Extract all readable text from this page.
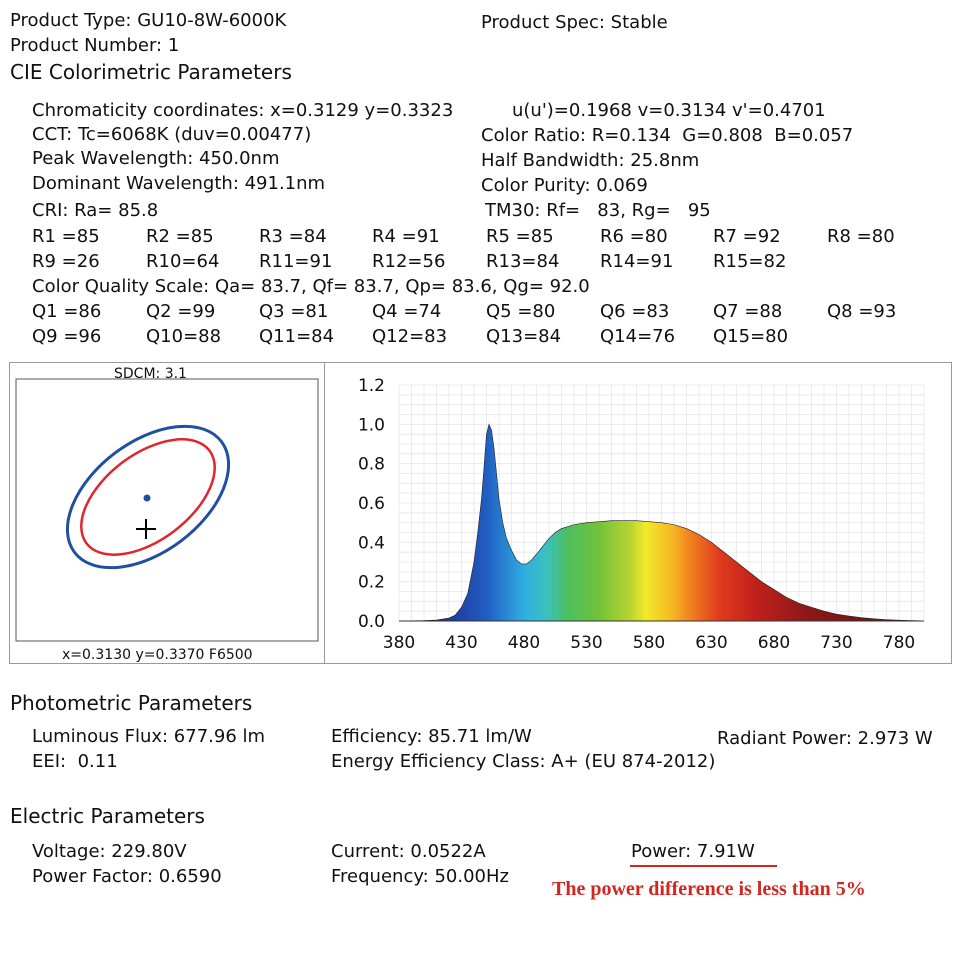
Product Type: GU10-8W-6000K	Product Spec: Stable
Product Number: 1
CIE Colorimetric Parameters
Chromaticity coordinates: x=0.3129 y=0.3323	u(u')=0.1968 v=0.3134 v'=0.4701
CCT: Tc=6068K (duv=0.00477)	Color Ratio: R=0.134  G=0.808  B=0.057
Peak Wavelength: 450.0nm	Half Bandwidth: 25.8nm
Dominant Wavelength: 491.1nm	Color Purity: 0.069
CRI: Ra= 85.8	TM30: Rf=   83, Rg=   95
R1 =85	R2 =85	R3 =84	R4 =91	R5 =85	R6 =80	R7 =92	R8 =80
R9 =26	R10=64 R11=91 R12=56 R13=84 R14=91 R15=82
Color Quality Scale: Qa= 83.7, Qf= 83.7, Qp= 83.6, Qg= 92.0
Q1 =86 Q2 =99 Q3 =81 Q4 =74 Q5 =80 Q6 =83 Q7 =88 Q8 =93
Q9 =96 Q10=88 Q11=84 Q12=83 Q13=84 Q14=76 Q15=80
SDCM: 3.1
x=0.3130 y=0.3370 F6500
380 430 480 530 580 630 680 730 780
0.0
0.2
0.4
0.6
0.8
1.0
1.2
Photometric Parameters
Luminous Flux: 677.96 lm	Efficiency: 85.71 lm/W	Radiant Power: 2.973 W
EEI:  0.11	Energy Efficiency Class: A+ (EU 874-2012)
Electric Parameters
Voltage: 229.80V	Current: 0.0522A	Power: 7.91W
Power Factor: 0.6590	Frequency: 50.00Hz
The power difference is less than 5%
